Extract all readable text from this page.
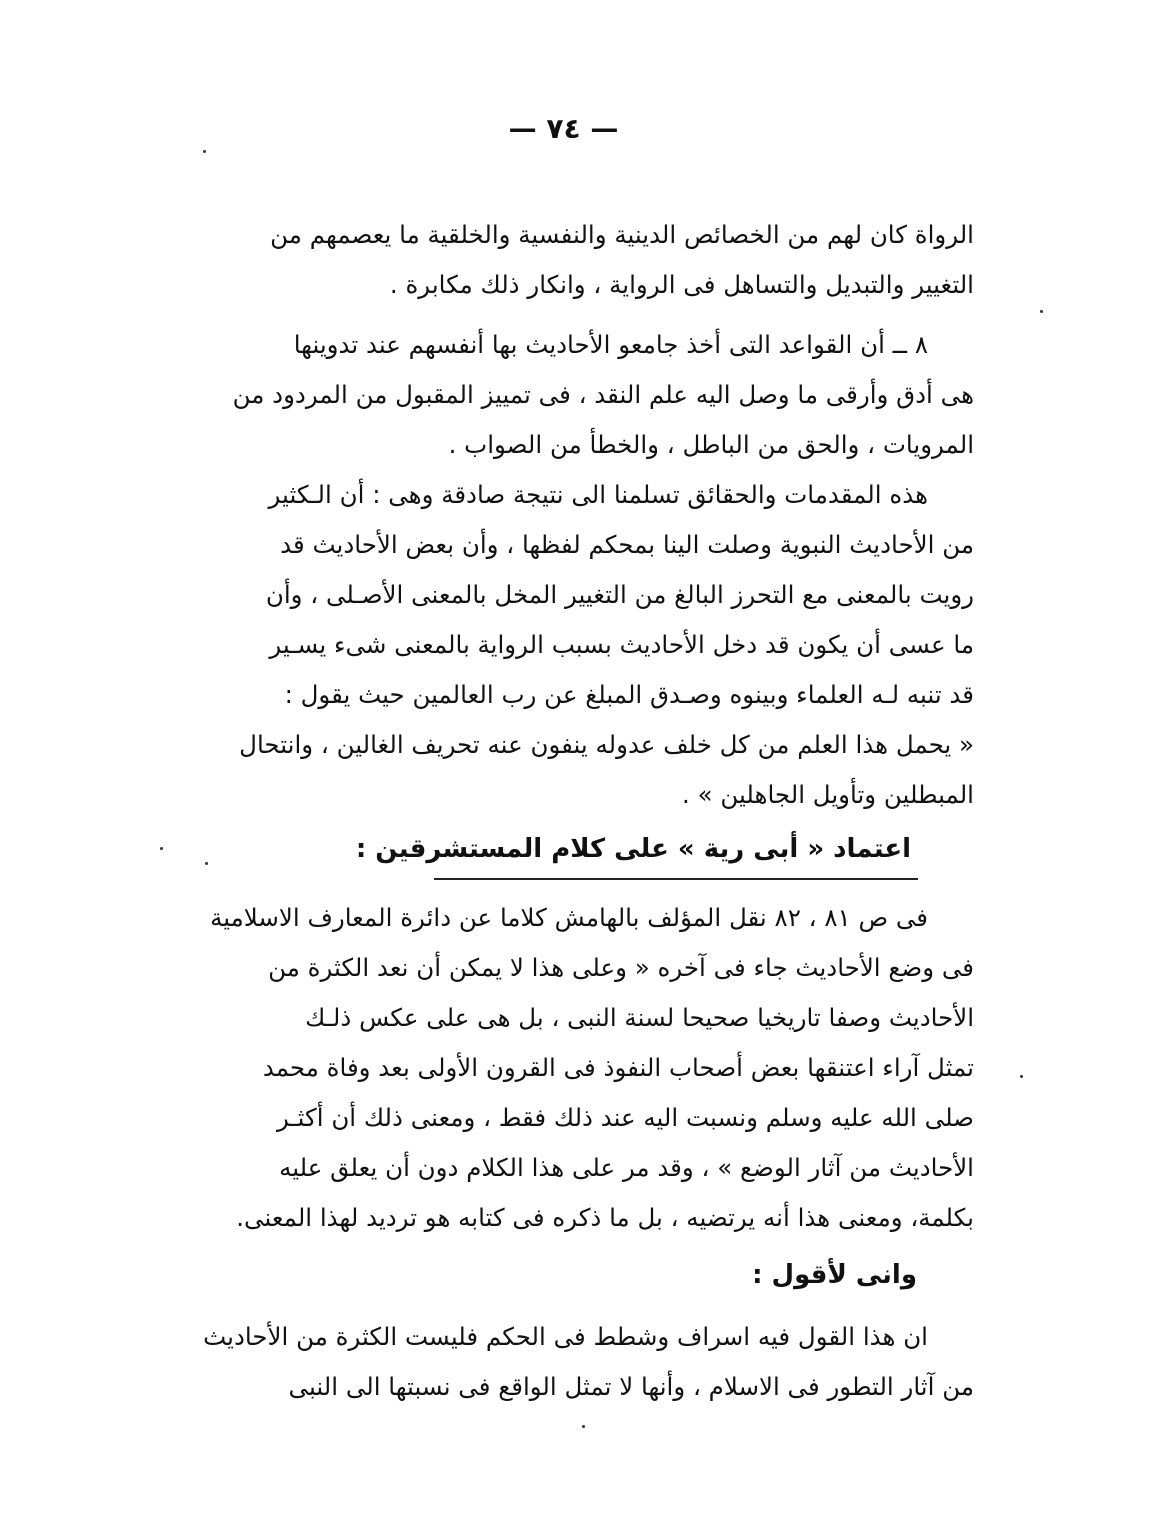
— ٧٤ —
الرواة كان لهم من الخصائص الدينية والنفسية والخلقية ما يعصمهم من
التغيير والتبديل والتساهل فى الرواية ، وانكار ذلك مكابرة .
٨ ــ أن القواعد التى أخذ جامعو الأحاديث بها أنفسهم عند تدوينها
هى أدق وأرقى ما وصل اليه علم النقد ، فى تمييز المقبول من المردود من
المرويات ، والحق من الباطل ، والخطأ من الصواب .
هذه المقدمات والحقائق تسلمنا الى نتيجة صادقة وهى : أن الـكثير
من الأحاديث النبوية وصلت الينا بمحكم لفظها ، وأن بعض الأحاديث قد
رويت بالمعنى مع التحرز البالغ من التغيير المخل بالمعنى الأصـلى ، وأن
ما عسى أن يكون قد دخل الأحاديث بسبب الرواية بالمعنى شىء يسـير
قد تنبه لـه العلماء وبينوه وصـدق المبلغ عن رب العالمين حيث يقول :
« يحمل هذا العلم من كل خلف عدوله ينفون عنه تحريف الغالين ، وانتحال
المبطلين وتأويل الجاهلين » .
اعتماد « أبى رية » على كلام المستشرقين :
فى ص ٨١ ، ٨٢ نقل المؤلف بالهامش كلاما عن دائرة المعارف الاسلامية
فى وضع الأحاديث جاء فى آخره « وعلى هذا لا يمكن أن نعد الكثرة من
الأحاديث وصفا تاريخيا صحيحا لسنة النبى ، بل هى على عكس ذلـك
تمثل آراء اعتنقها بعض أصحاب النفوذ فى القرون الأولى بعد وفاة محمد
صلى الله عليه وسلم ونسبت اليه عند ذلك فقط ، ومعنى ذلك أن أكثـر
الأحاديث من آثار الوضع » ، وقد مر على هذا الكلام دون أن يعلق عليه
بكلمة، ومعنى هذا أنه يرتضيه ، بل ما ذكره فى كتابه هو ترديد لهذا المعنى.
وانى لأقول :
ان هذا القول فيه اسراف وشطط فى الحكم فليست الكثرة من الأحاديث
من آثار التطور فى الاسلام ، وأنها لا تمثل الواقع فى نسبتها الى النبى
